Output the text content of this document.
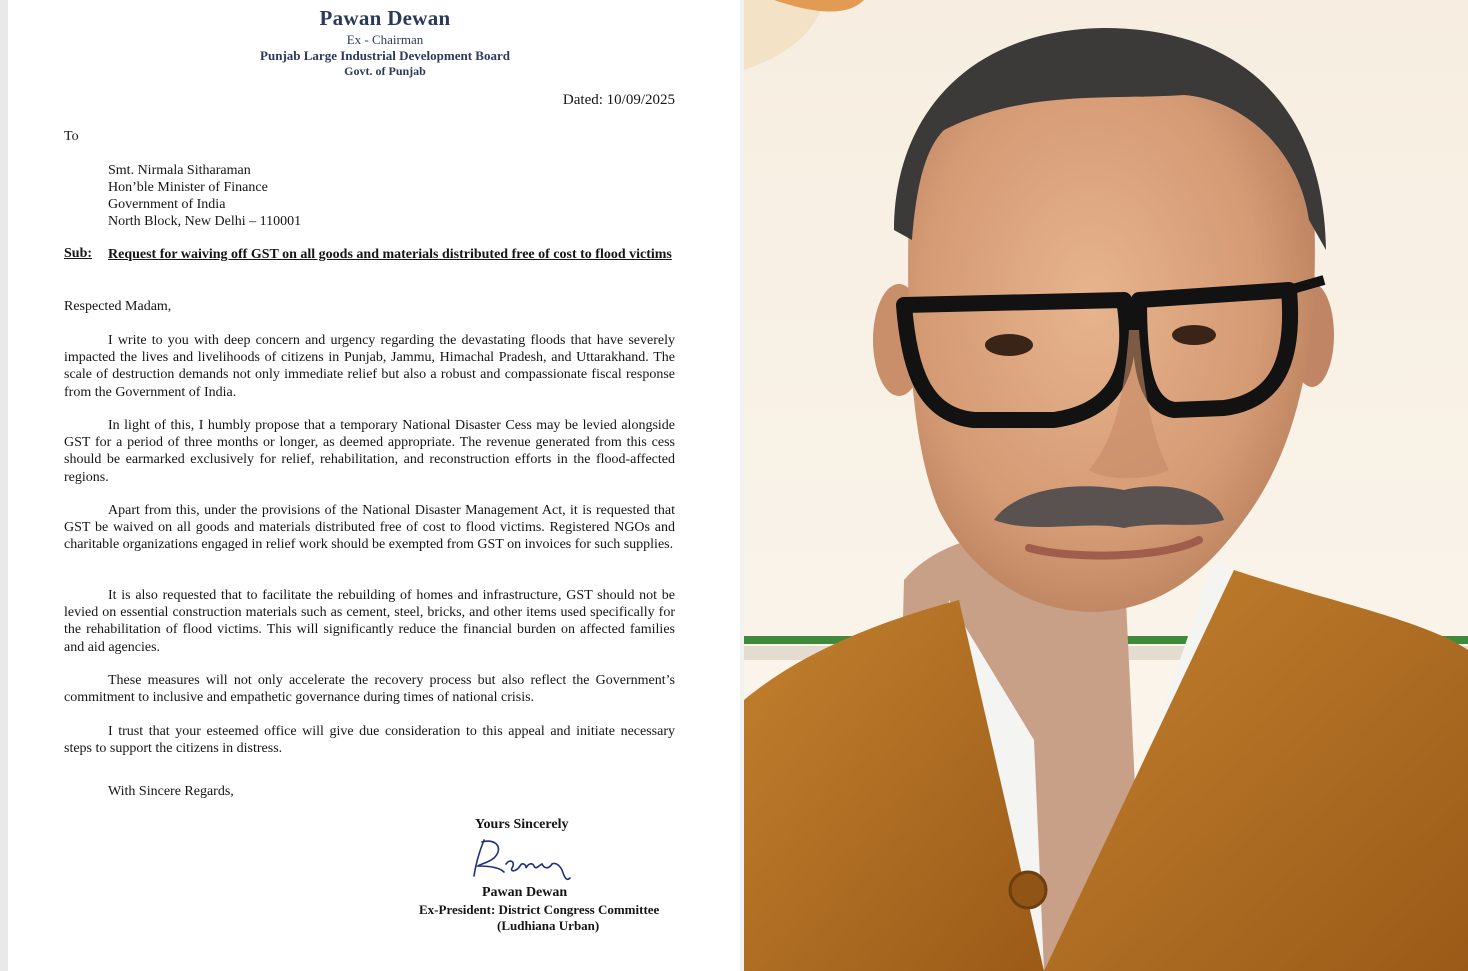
Pawan Dewan
Ex - Chairman
Punjab Large Industrial Development Board
Govt. of Punjab
Dated: 10/09/2025
To
Smt. Nirmala Sitharaman
Hon’ble Minister of Finance
Government of India
North Block, New Delhi – 110001
Sub: Request for waiving off GST on all goods and materials distributed free of cost to flood victims
Respected Madam,
I write to you with deep concern and urgency regarding the devastating floods that have severely impacted the lives and livelihoods of citizens in Punjab, Jammu, Himachal Pradesh, and Uttarakhand. The scale of destruction demands not only immediate relief but also a robust and compassionate fiscal response from the Government of India.
In light of this, I humbly propose that a temporary National Disaster Cess may be levied alongside GST for a period of three months or longer, as deemed appropriate. The revenue generated from this cess should be earmarked exclusively for relief, rehabilitation, and reconstruction efforts in the flood-affected regions.
Apart from this, under the provisions of the National Disaster Management Act, it is requested that GST be waived on all goods and materials distributed free of cost to flood victims. Registered NGOs and charitable organizations engaged in relief work should be exempted from GST on invoices for such supplies.
It is also requested that to facilitate the rebuilding of homes and infrastructure, GST should not be levied on essential construction materials such as cement, steel, bricks, and other items used specifically for the rehabilitation of flood victims. This will significantly reduce the financial burden on affected families and aid agencies.
These measures will not only accelerate the recovery process but also reflect the Government’s commitment to inclusive and empathetic governance during times of national crisis.
I trust that your esteemed office will give due consideration to this appeal and initiate necessary steps to support the citizens in distress.
With Sincere Regards,
Yours Sincerely
Pawan Dewan
Ex-President: District Congress Committee
(Ludhiana Urban)
